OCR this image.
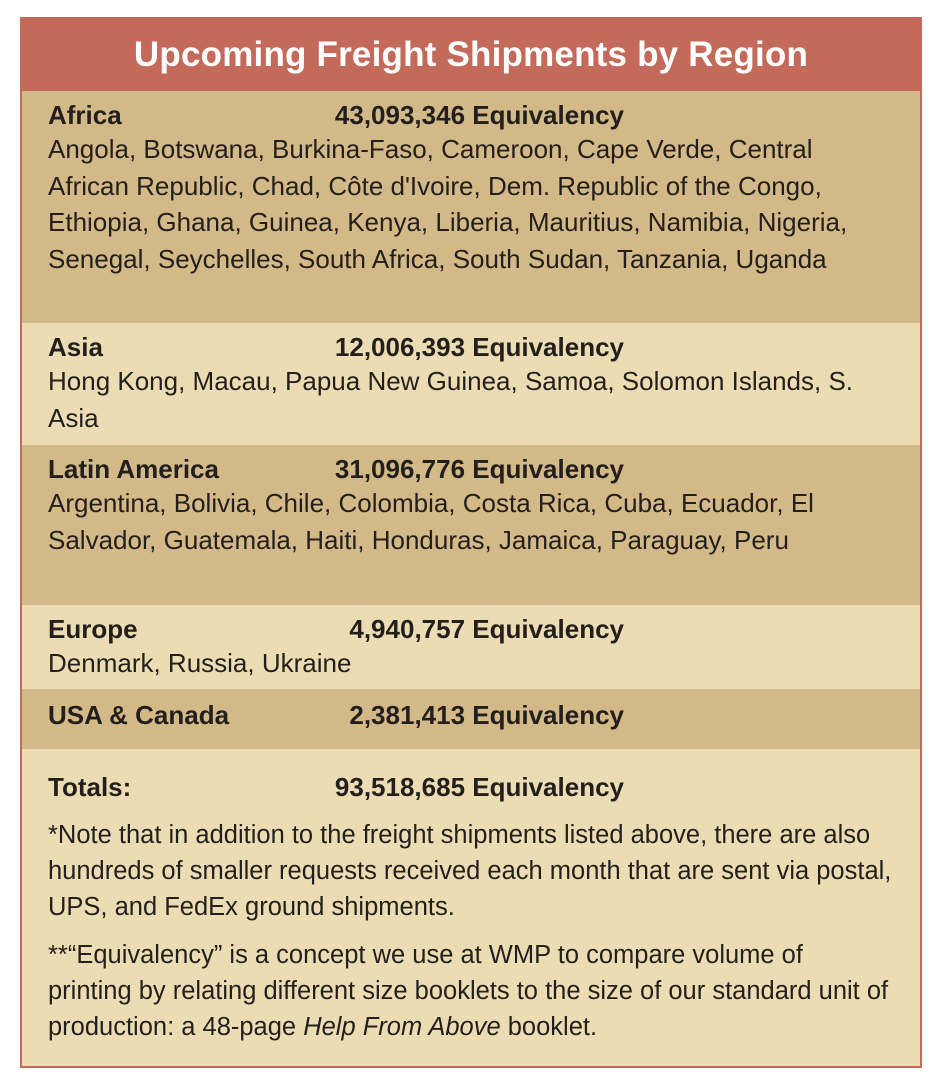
Upcoming Freight Shipments by Region
Africa	43,093,346 Equivalency
Angola, Botswana, Burkina-Faso, Cameroon, Cape Verde, Central African Republic, Chad, Côte d'Ivoire, Dem. Republic of the Congo, Ethiopia, Ghana, Guinea, Kenya, Liberia, Mauritius, Namibia, Nigeria, Senegal, Seychelles, South Africa, South Sudan, Tanzania, Uganda
Asia	12,006,393 Equivalency
Hong Kong, Macau, Papua New Guinea, Samoa, Solomon Islands, S. Asia
Latin America	31,096,776 Equivalency
Argentina, Bolivia, Chile, Colombia, Costa Rica, Cuba, Ecuador, El Salvador, Guatemala, Haiti, Honduras, Jamaica, Paraguay, Peru
Europe	4,940,757 Equivalency
Denmark, Russia, Ukraine
USA & Canada	2,381,413 Equivalency
Totals:	93,518,685 Equivalency
*Note that in addition to the freight shipments listed above, there are also hundreds of smaller requests received each month that are sent via postal, UPS, and FedEx ground shipments.
**“Equivalency” is a concept we use at WMP to compare volume of printing by relating different size booklets to the size of our standard unit of production: a 48-page Help From Above booklet.
